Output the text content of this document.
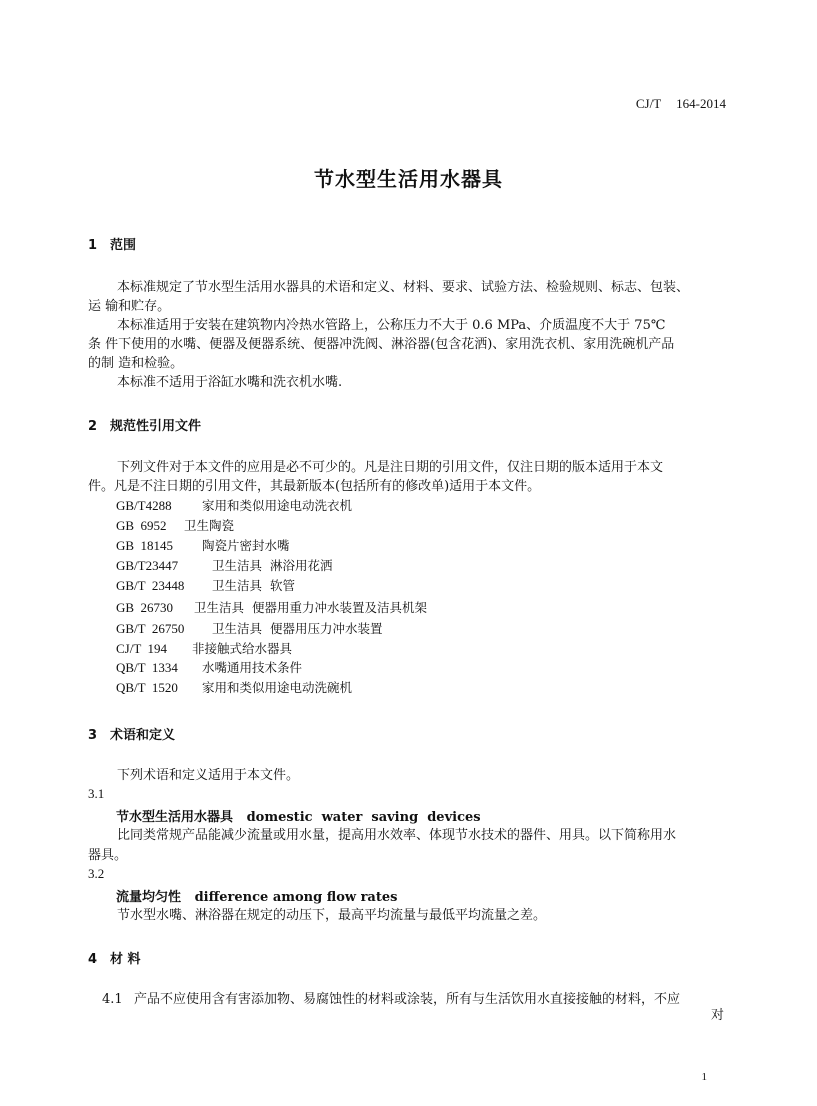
CJ/T 164-2014
节水型生活用水器具
1 范围
本标准规定了节水型生活用水器具的术语和定义、材料、要求、试验方法、检验规则、标志、包装、
运 输和贮存。
本标准适用于安装在建筑物内冷热水管路上，公称压力不大于 0.6 MPa、介质温度不大于 75℃
条 件下使用的水嘴、便器及便器系统、便器冲洗阀、淋浴器(包含花洒)、家用洗衣机、家用洗碗机产品
的制 造和检验。
本标准不适用于浴缸水嘴和洗衣机水嘴.
2 规范性引用文件
下列文件对于本文件的应用是必不可少的。凡是注日期的引用文件，仅注日期的版本适用于本文
件。凡是不注日期的引用文件，其最新版本(包括所有的修改单)适用于本文件。
GB/T4288 家用和类似用途电动洗衣机
GB  6952 卫生陶瓷
GB  18145 陶瓷片密封水嘴
GB/T23447	卫生洁具  淋浴用花洒
GB/T  23448 卫生洁具  软管
GB  26730 卫生洁具  便器用重力冲水装置及洁具机架
GB/T  26750 卫生洁具  便器用压力冲水装置
CJ/T  194 非接触式给水器具
QB/T  1334 水嘴通用技术条件
QB/T  1520 家用和类似用途电动洗碗机
3 术语和定义
下列术语和定义适用于本文件。
3.1
节水型生活用水器具   domestic  water  saving  devices
比同类常规产品能减少流量或用水量，提高用水效率、体现节水技术的器件、用具。以下简称用水
器具。
3.2
流量均匀性   difference among flow rates
节水型水嘴、淋浴器在规定的动压下，最高平均流量与最低平均流量之差。
4 材 料
4.1 产品不应使用含有害添加物、易腐蚀性的材料或涂装，所有与生活饮用水直接接触的材料，不应
对
1
